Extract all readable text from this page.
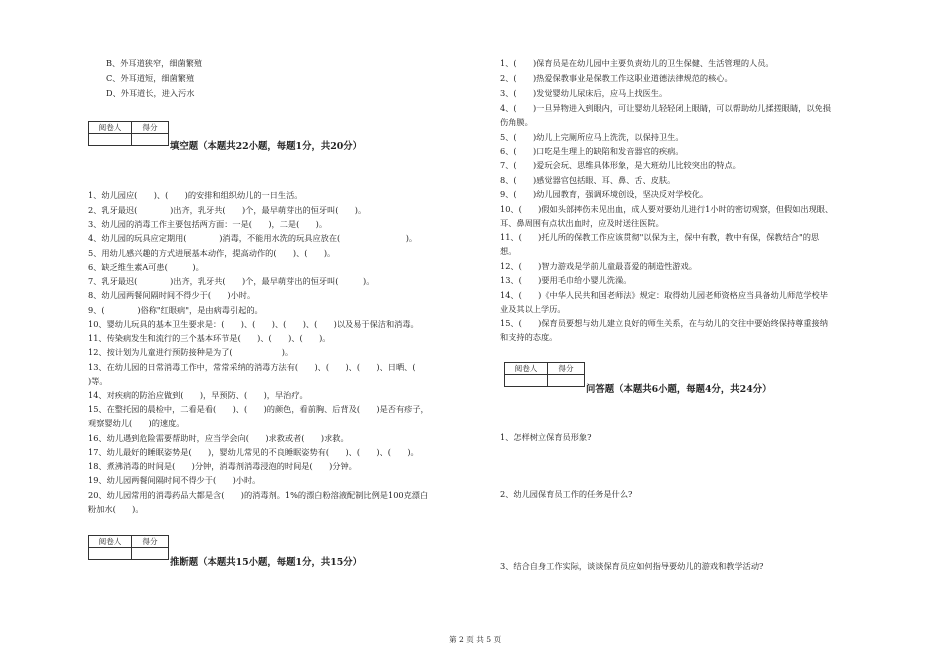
B、外耳道狭窄，细菌繁殖
C、外耳道短，细菌繁殖
D、外耳道长，进入污水
阅卷人	得分

填空题（本题共22小题，每题1分，共20分）
1、幼儿园应(　　)、(　　)的安排和组织幼儿的一日生活。
2、乳牙最迟(　　　　)出齐，乳牙共(　　)个，最早萌芽出的恒牙叫(　　)。
3、幼儿园的消毒工作主要包括两方面：一是(　　)，二是(　　)。
4、幼儿园的玩具应定期用(　　　　)消毒，不能用水洗的玩具应放在(　　　　　　　　)。
5、用幼儿感兴趣的方式进展基本动作，提高动作的(　　)、(　　)。
6、缺乏维生素A可患(　　　)。
7、乳牙最迟(　　　　)出齐，乳牙共(　　)个，最早萌芽出的恒牙叫(　　　)。
8、幼儿园两餐间隔时间不得少于(　　)小时。
9、(　　　　)俗称"红眼病"，是由病毒引起的。
10、婴幼儿玩具的基本卫生要求是：(　　)、(　　)、(　　)、(　　)以及易于保洁和消毒。
11、传染病发生和流行的三个基本环节是(　　)、(　　)、(　　)。
12、按计划为儿童进行预防接种是为了(　　　　　　)。
13、在幼儿园的日常消毒工作中，常常采纳的消毒方法有(　　)、(　　)、(　　)、日晒、(　　
)等。
14、对疾病的防治应做到(　　)，早预防、(　　)，早治疗。
15、在整托园的晨检中，二看是看(　　)、(　　)的颜色，看前胸、后背及(　　)是否有疹子，
观察婴幼儿(　　)的速度。
16、幼儿遇到危险需要帮助时，应当学会向(　　)求救或者(　　)求救。
17、幼儿最好的睡眠姿势是(　　)，婴幼儿常见的不良睡眠姿势有(　　)、(　　)、(　　)。
18、煮沸消毒的时间是(　　)分钟，消毒剂消毒浸泡的时间是(　　)分钟。
19、幼儿园两餐间隔时间不得少于(　　)小时。
20、幼儿园常用的消毒药品大都是含(　　)的消毒剂。1%的漂白粉溶液配制比例是100克漂白
粉加水(　　)。
阅卷人	得分

推断题（本题共15小题，每题1分，共15分）
1、(　　)保育员是在幼儿园中主要负责幼儿的卫生保健、生活管理的人员。
2、(　　)热爱保教事业是保教工作这职业道德法律规范的核心。
3、(　　)发觉婴幼儿尿床后，应马上找医生。
4、(　　)一旦异物进入到眼内，可让婴幼儿轻轻闭上眼睛，可以帮助幼儿揉搓眼睛，以免损
伤角膜。
5、(　　)幼儿上完厕所应马上洗洗，以保持卫生。
6、(　　)口吃是生理上的缺陷和发音器官的疾病。
7、(　　)爱玩会玩、思维具体形象，是大班幼儿比较突出的特点。
8、(　　)感觉器官包括眼、耳、鼻、舌、皮肤。
9、(　　)幼儿园教育，强调环境创设，坚决反对学校化。
10、(　　)假如头部摔伤未见出血，成人要对要幼儿进行1小时的密切观察，但假如出现眼、
耳、鼻周围有点状出血时，应及时送往医院。
11、(　　)托儿所的保教工作应该贯彻"以保为主，保中有教，教中有保，保教结合"的思
想。
12、(　　)智力游戏是学前儿童最喜爱的制造性游戏。
13、(　　)要用毛巾给小婴儿洗澡。
14、(　　)《中华人民共和国老师法》规定：取得幼儿园老师资格应当具备幼儿师范学校毕
业及其以上学历。
15、(　　)保育员要想与幼儿建立良好的师生关系，在与幼儿的交往中要始终保持尊重接纳
和支持的态度。
阅卷人	得分

问答题（本题共6小题，每题4分，共24分）
1、怎样树立保育员形象?
2、幼儿园保育员工作的任务是什么?
3、结合自身工作实际，谈谈保育员应如何指导要幼儿的游戏和教学活动?
第 2 页 共 5 页
